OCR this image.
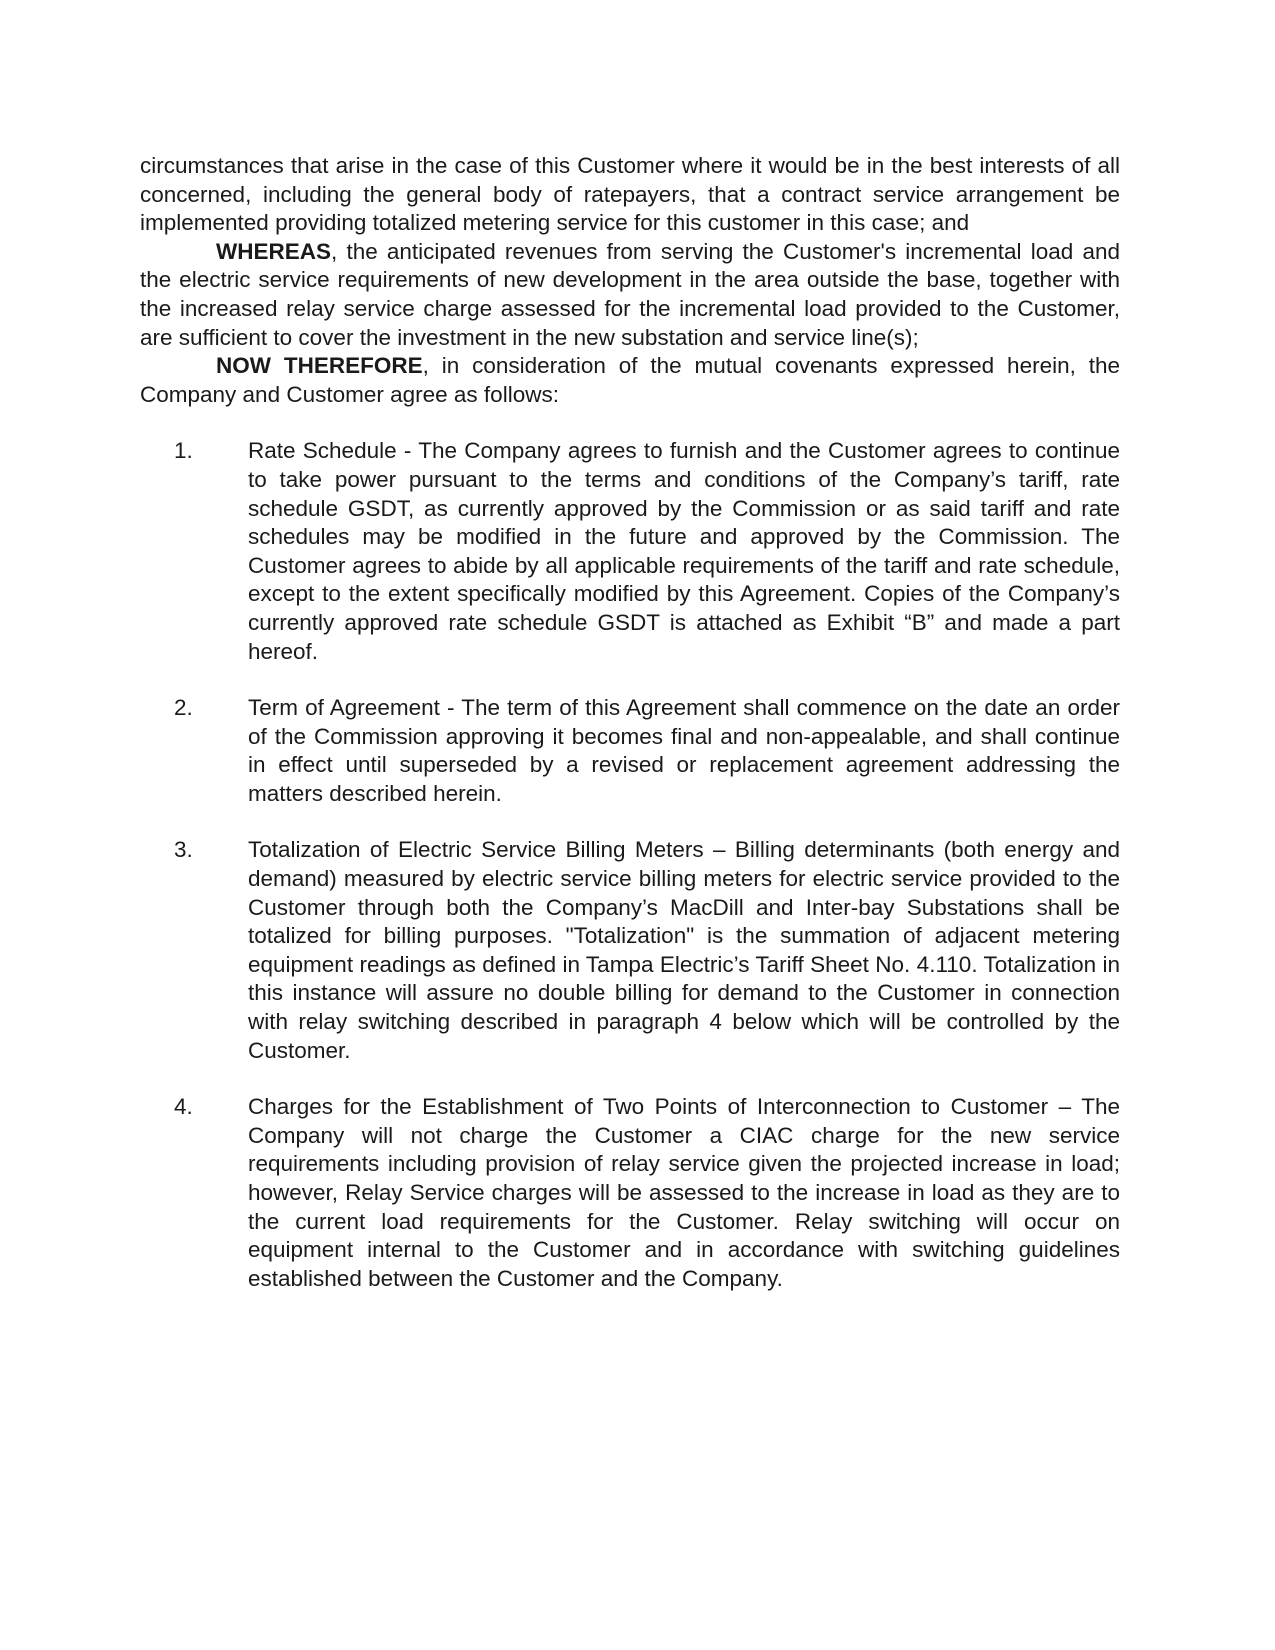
circumstances that arise in the case of this Customer where it would be in the best interests of all concerned, including the general body of ratepayers, that a contract service arrangement be implemented providing totalized metering service for this customer in this case; and

WHEREAS, the anticipated revenues from serving the Customer's incremental load and the electric service requirements of new development in the area outside the base, together with the increased relay service charge assessed for the incremental load provided to the Customer, are sufficient to cover the investment in the new substation and service line(s);

NOW THEREFORE, in consideration of the mutual covenants expressed herein, the Company and Customer agree as follows:

1.	Rate Schedule - The Company agrees to furnish and the Customer agrees to continue to take power pursuant to the terms and conditions of the Company’s tariff, rate schedule GSDT, as currently approved by the Commission or as said tariff and rate schedules may be modified in the future and approved by the Commission. The Customer agrees to abide by all applicable requirements of the tariff and rate schedule, except to the extent specifically modified by this Agreement. Copies of the Company’s currently approved rate schedule GSDT is attached as Exhibit “B” and made a part hereof.
2.	Term of Agreement - The term of this Agreement shall commence on the date an order of the Commission approving it becomes final and non-appealable, and shall continue in effect until superseded by a revised or replacement agreement addressing the matters described herein.
3.	Totalization of Electric Service Billing Meters – Billing determinants (both energy and demand) measured by electric service billing meters for electric service provided to the Customer through both the Company’s MacDill and Inter-bay Substations shall be totalized for billing purposes. "Totalization" is the summation of adjacent metering equipment readings as defined in Tampa Electric’s Tariff Sheet No. 4.110. Totalization in this instance will assure no double billing for demand to the Customer in connection with relay switching described in paragraph 4 below which will be controlled by the Customer.
4.	Charges for the Establishment of Two Points of Interconnection to Customer – The Company will not charge the Customer a CIAC charge for the new service requirements including provision of relay service given the projected increase in load; however, Relay Service charges will be assessed to the increase in load as they are to the current load requirements for the Customer. Relay switching will occur on equipment internal to the Customer and in accordance with switching guidelines established between the Customer and the Company.
